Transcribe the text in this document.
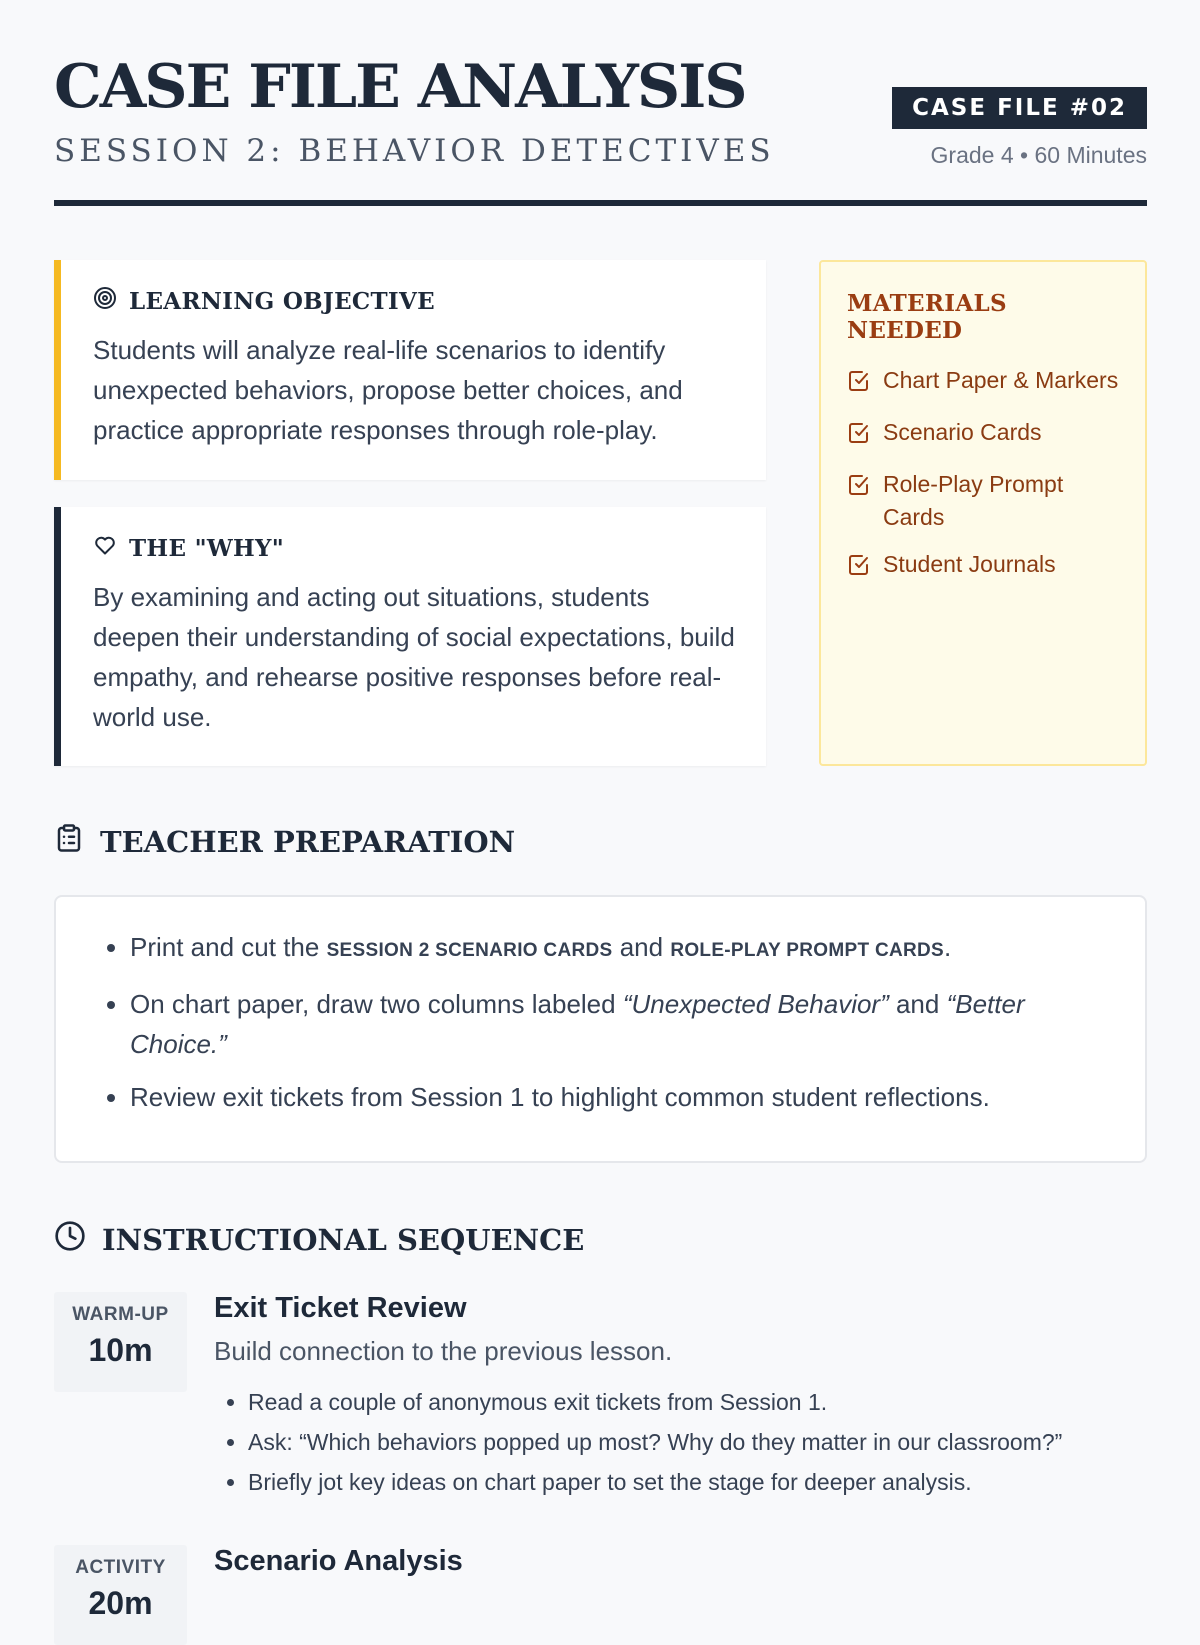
CASE FILE ANALYSIS
SESSION 2: BEHAVIOR DETECTIVES
CASE FILE #02
Grade 4 • 60 Minutes
LEARNING OBJECTIVE
Students will analyze real-life scenarios to identify unexpected behaviors, propose better choices, and practice appropriate responses through role-play.
THE "WHY"
By examining and acting out situations, students deepen their understanding of social expectations, build empathy, and rehearse positive responses before real-world use.
MATERIALS NEEDED
Chart Paper & Markers
Scenario Cards
Role-Play Prompt Cards
Student Journals
TEACHER PREPARATION
• Print and cut the SESSION 2 SCENARIO CARDS and ROLE-PLAY PROMPT CARDS.
• On chart paper, draw two columns labeled “Unexpected Behavior” and “Better Choice.”
• Review exit tickets from Session 1 to highlight common student reflections.
INSTRUCTIONAL SEQUENCE
WARM-UP
10m
Exit Ticket Review
Build connection to the previous lesson.
• Read a couple of anonymous exit tickets from Session 1.
• Ask: “Which behaviors popped up most? Why do they matter in our classroom?”
• Briefly jot key ideas on chart paper to set the stage for deeper analysis.
ACTIVITY
20m
Scenario Analysis
